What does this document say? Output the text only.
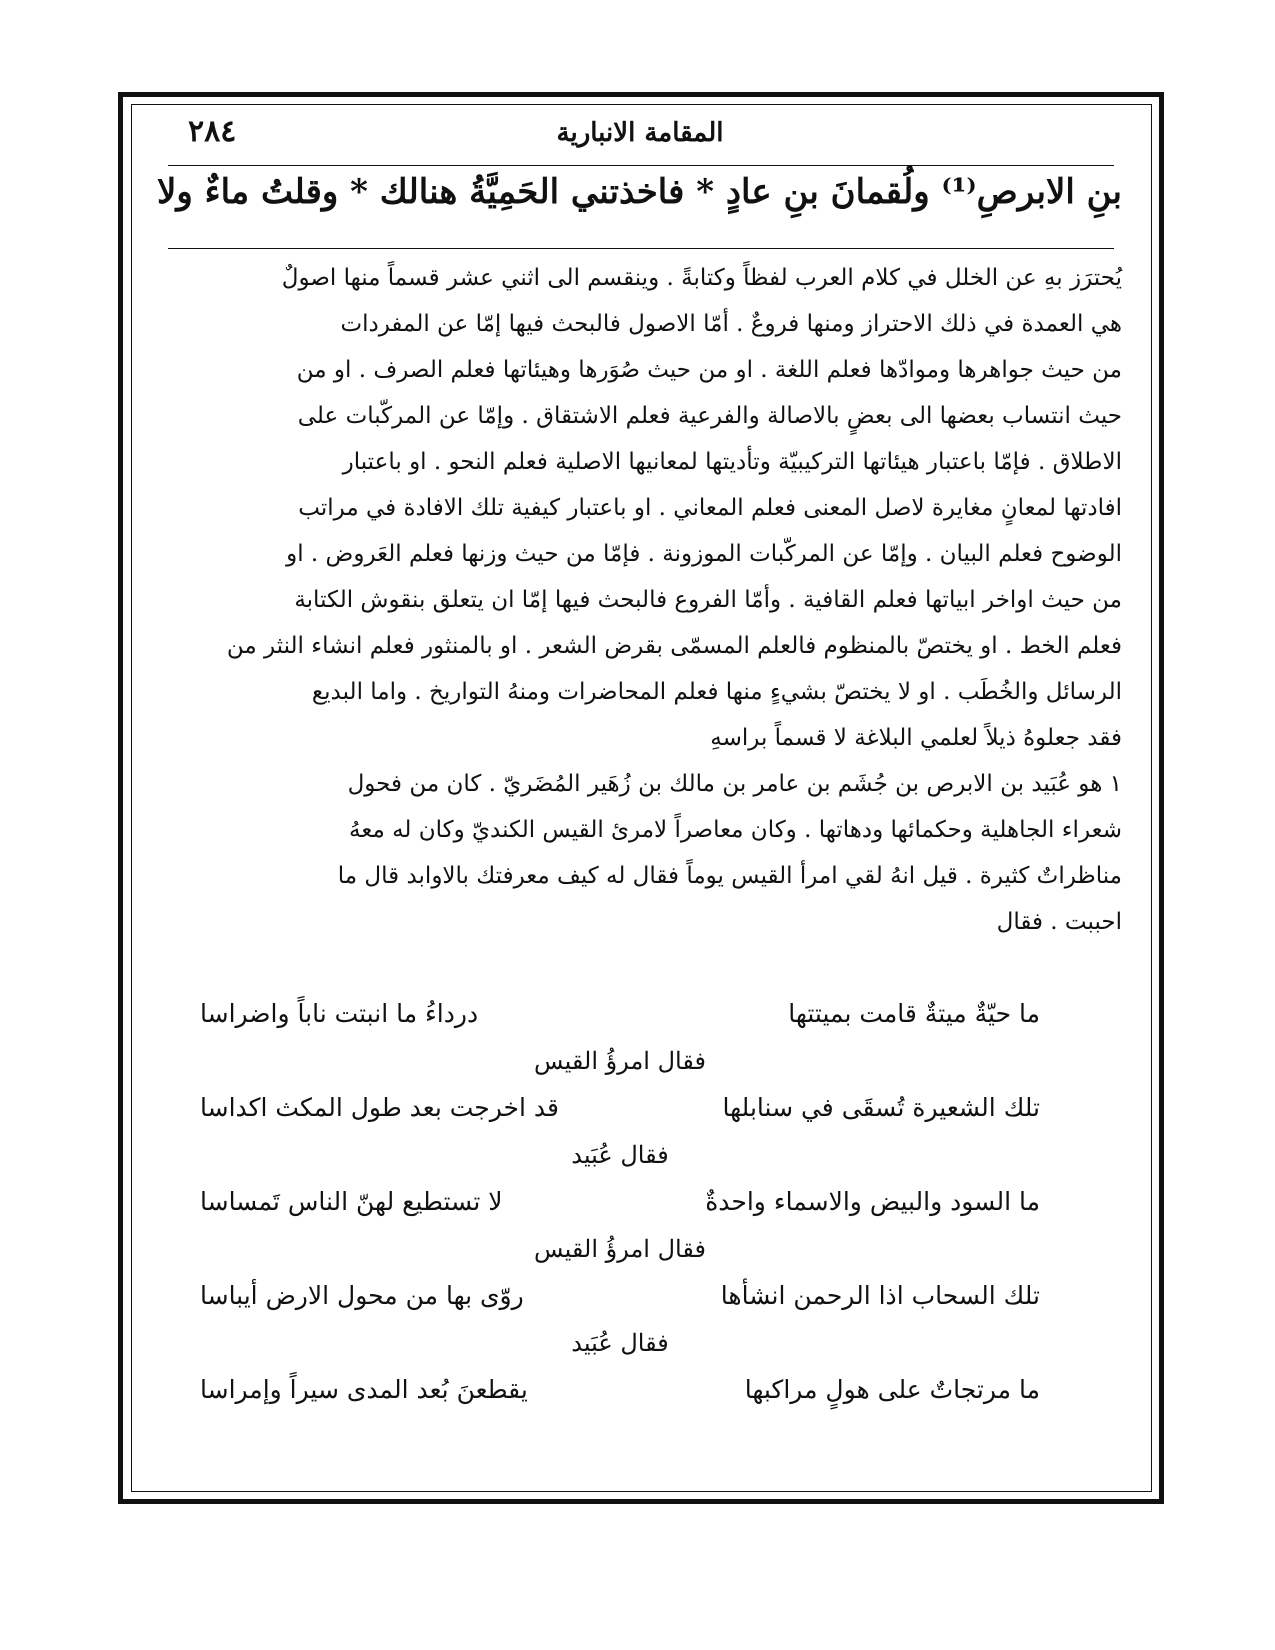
٢٨٤	المقامة الانبارية
بنِ الابرصِ⁽¹⁾ ولُقمانَ بنِ عادٍ * فاخذتني الحَمِيَّةُ هنالك * وقلتُ ماءٌ ولا

يُحترَز بهِ عن الخلل في كلام العرب لفظاً وكتابةً . وينقسم الى اثني عشر قسماً منها اصولٌ

هي العمدة في ذلك الاحتراز ومنها فروعٌ . أمّا الاصول فالبحث فيها إمّا عن المفردات

من حيث جواهرها وموادّها فعلم اللغة . او من حيث صُوَرها وهيئاتها فعلم الصرف . او من

حيث انتساب بعضها الى بعضٍ بالاصالة والفرعية فعلم الاشتقاق . وإمّا عن المركّبات على

الاطلاق . فإمّا باعتبار هيئاتها التركيبيّة وتأديتها لمعانيها الاصلية فعلم النحو . او باعتبار

افادتها لمعانٍ مغايرة لاصل المعنى فعلم المعاني . او باعتبار كيفية تلك الافادة في مراتب

الوضوح فعلم البيان . وإمّا عن المركّبات الموزونة . فإمّا من حيث وزنها فعلم العَروض . او

من حيث اواخر ابياتها فعلم القافية . وأمّا الفروع فالبحث فيها إمّا ان يتعلق بنقوش الكتابة

فعلم الخط . او يختصّ بالمنظوم فالعلم المسمّى بقرض الشعر . او بالمنثور فعلم انشاء النثر من

الرسائل والخُطَب . او لا يختصّ بشيءٍ منها فعلم المحاضرات ومنهُ التواريخ . واما البديع

فقد جعلوهُ ذيلاً لعلمي البلاغة لا قسماً براسهِ

١ هو عُبَيد بن الابرص بن جُشَم بن عامر بن مالك بن زُهَير المُضَريّ . كان من فحول

شعراء الجاهلية وحكمائها ودهاتها . وكان معاصراً لامرئ القيس الكنديّ وكان له معهُ

مناظراتٌ كثيرة . قيل انهُ لقي امرأ القيس يوماً فقال له كيف معرفتك بالاوابد قال ما

احببت . فقال

ما حيّةٌ ميتةٌ قامت بميتتها
درداءُ ما انبتت ناباً واضراسا
فقال امرؤُ القيس
تلك الشعيرة تُسقَى في سنابلها
قد اخرجت بعد طول المكث اكداسا
فقال عُبَيد
ما السود والبيض والاسماء واحدةٌ
لا تستطيع لهنّ الناس تَمساسا
فقال امرؤُ القيس
تلك السحاب اذا الرحمن انشأها
روّى بها من محول الارض أيباسا
فقال عُبَيد
ما مرتجاتٌ على هولٍ مراكبها
يقطعنَ بُعد المدى سيراً وإمراسا
